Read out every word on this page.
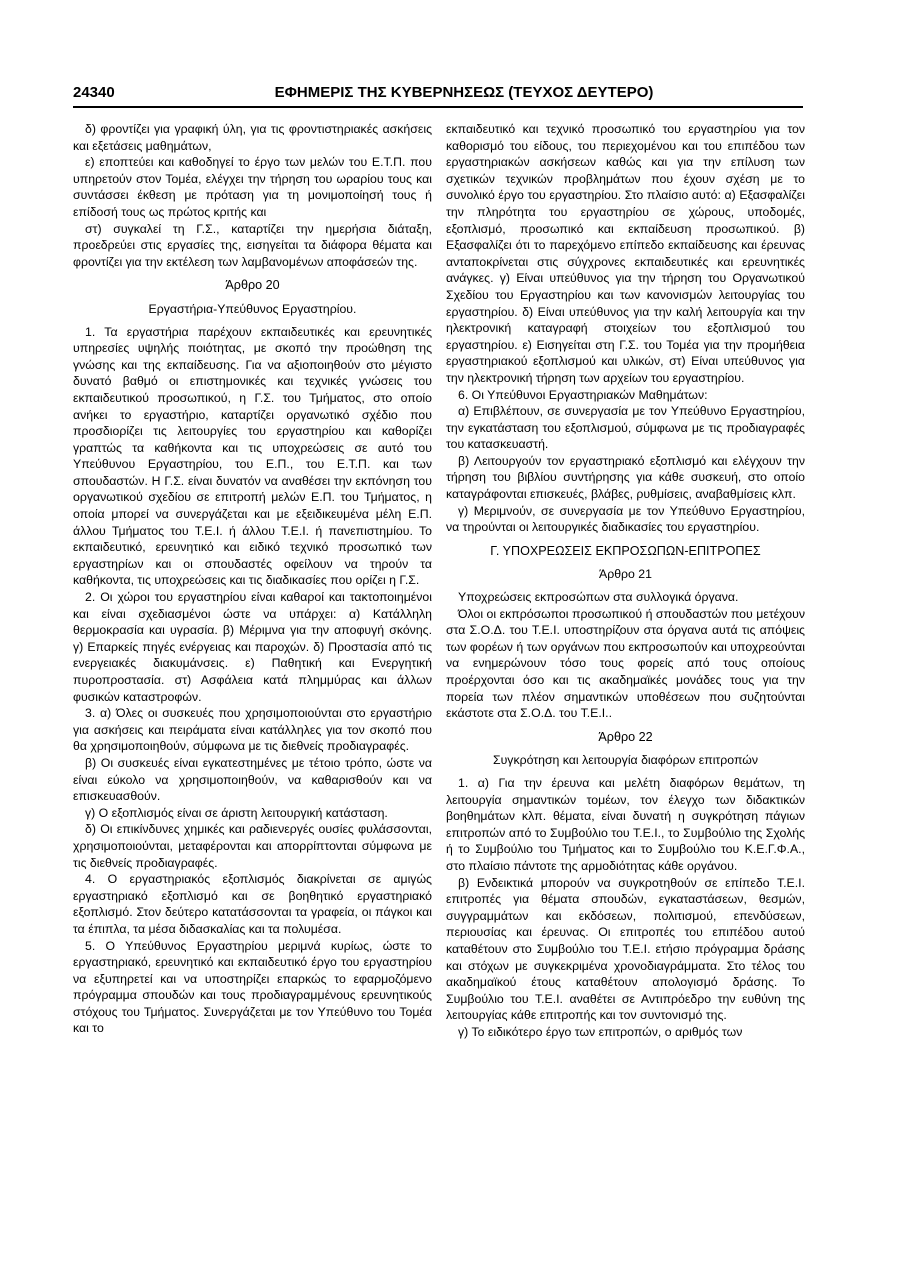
24340	ΕΦΗΜΕΡΙΣ ΤΗΣ ΚΥΒΕΡΝΗΣΕΩΣ (ΤΕΥΧΟΣ ΔΕΥΤΕΡΟ)

δ) φροντίζει για γραφική ύλη, για τις φροντιστηριακές ασκήσεις και εξετάσεις μαθημάτων,

ε) εποπτεύει και καθοδηγεί το έργο των μελών του Ε.Τ.Π. που υπηρετούν στον Τομέα, ελέγχει την τήρηση του ωραρίου τους και συντάσσει έκθεση με πρόταση για τη μονιμοποίησή τους ή επίδοσή τους ως πρώτος κριτής και

στ) συγκαλεί τη Γ.Σ., καταρτίζει την ημερήσια διάταξη, προεδρεύει στις εργασίες της, εισηγείται τα διάφορα θέματα και φροντίζει για την εκτέλεση των λαμβανομένων αποφάσεών της.

Άρθρο 20
Εργαστήρια-Υπεύθυνος Εργαστηρίου.

1. Τα εργαστήρια παρέχουν εκπαιδευτικές και ερευνητικές υπηρεσίες υψηλής ποιότητας, με σκοπό την προώθηση της γνώσης και της εκπαίδευσης. Για να αξιοποιηθούν στο μέγιστο δυνατό βαθμό οι επιστημονικές και τεχνικές γνώσεις του εκπαιδευτικού προσωπικού, η Γ.Σ. του Τμήματος, στο οποίο ανήκει το εργαστήριο, καταρτίζει οργανωτικό σχέδιο που προσδιορίζει τις λειτουργίες του εργαστηρίου και καθορίζει γραπτώς τα καθήκοντα και τις υποχρεώσεις σε αυτό του Υπεύθυνου Εργαστηρίου, του Ε.Π., του Ε.Τ.Π. και των σπουδαστών. Η Γ.Σ. είναι δυνατόν να αναθέσει την εκπόνηση του οργανωτικού σχεδίου σε επιτροπή μελών Ε.Π. του Τμήματος, η οποία μπορεί να συνεργάζεται και με εξειδικευμένα μέλη Ε.Π. άλλου Τμήματος του Τ.Ε.Ι. ή άλλου Τ.Ε.Ι. ή πανεπιστημίου. Το εκπαιδευτικό, ερευνητικό και ειδικό τεχνικό προσωπικό των εργαστηρίων και οι σπουδαστές οφείλουν να τηρούν τα καθήκοντα, τις υποχρεώσεις και τις διαδικασίες που ορίζει η Γ.Σ.

2. Οι χώροι του εργαστηρίου είναι καθαροί και τακτοποιημένοι και είναι σχεδιασμένοι ώστε να υπάρχει: α) Κατάλληλη θερμοκρασία και υγρασία. β) Μέριμνα για την αποφυγή σκόνης. γ) Επαρκείς πηγές ενέργειας και παροχών. δ) Προστασία από τις ενεργειακές διακυμάνσεις. ε) Παθητική και Ενεργητική πυροπροστασία. στ) Ασφάλεια κατά πλημμύρας και άλλων φυσικών καταστροφών.

3. α) Όλες οι συσκευές που χρησιμοποιούνται στο εργαστήριο για ασκήσεις και πειράματα είναι κατάλληλες για τον σκοπό που θα χρησιμοποιηθούν, σύμφωνα με τις διεθνείς προδιαγραφές.

β) Οι συσκευές είναι εγκατεστημένες με τέτοιο τρόπο, ώστε να είναι εύκολο να χρησιμοποιηθούν, να καθαρισθούν και να επισκευασθούν.

γ) Ο εξοπλισμός είναι σε άριστη λειτουργική κατάσταση.

δ) Οι επικίνδυνες χημικές και ραδιενεργές ουσίες φυλάσσονται, χρησιμοποιούνται, μεταφέρονται και απορρίπτονται σύμφωνα με τις διεθνείς προδιαγραφές.

4. Ο εργαστηριακός εξοπλισμός διακρίνεται σε αμιγώς εργαστηριακό εξοπλισμό και σε βοηθητικό εργαστηριακό εξοπλισμό. Στον δεύτερο κατατάσσονται τα γραφεία, οι πάγκοι και τα έπιπλα, τα μέσα διδασκαλίας και τα πολυμέσα.

5. Ο Υπεύθυνος Εργαστηρίου μεριμνά κυρίως, ώστε το εργαστηριακό, ερευνητικό και εκπαιδευτικό έργο του εργαστηρίου να εξυπηρετεί και να υποστηρίζει επαρκώς το εφαρμοζόμενο πρόγραμμα σπουδών και τους προδιαγραμμένους ερευνητικούς στόχους του Τμήματος. Συνεργάζεται με τον Υπεύθυνο του Τομέα και το

εκπαιδευτικό και τεχνικό προσωπικό του εργαστηρίου για τον καθορισμό του είδους, του περιεχομένου και του επιπέδου των εργαστηριακών ασκήσεων καθώς και για την επίλυση των σχετικών τεχνικών προβλημάτων που έχουν σχέση με το συνολικό έργο του εργαστηρίου. Στο πλαίσιο αυτό: α) Εξασφαλίζει την πληρότητα του εργαστηρίου σε χώρους, υποδομές, εξοπλισμό, προσωπικό και εκπαίδευση προσωπικού. β) Εξασφαλίζει ότι το παρεχόμενο επίπεδο εκπαίδευσης και έρευνας ανταποκρίνεται στις σύγχρονες εκπαιδευτικές και ερευνητικές ανάγκες. γ) Είναι υπεύθυνος για την τήρηση του Οργανωτικού Σχεδίου του Εργαστηρίου και των κανονισμών λειτουργίας του εργαστηρίου. δ) Είναι υπεύθυνος για την καλή λειτουργία και την ηλεκτρονική καταγραφή στοιχείων του εξοπλισμού του εργαστηρίου. ε) Εισηγείται στη Γ.Σ. του Τομέα για την προμήθεια εργαστηριακού εξοπλισμού και υλικών, στ) Είναι υπεύθυνος για την ηλεκτρονική τήρηση των αρχείων του εργαστηρίου.

6. Οι Υπεύθυνοι Εργαστηριακών Μαθημάτων:

α) Επιβλέπουν, σε συνεργασία με τον Υπεύθυνο Εργαστηρίου, την εγκατάσταση του εξοπλισμού, σύμφωνα με τις προδιαγραφές του κατασκευαστή.

β) Λειτουργούν τον εργαστηριακό εξοπλισμό και ελέγχουν την τήρηση του βιβλίου συντήρησης για κάθε συσκευή, στο οποίο καταγράφονται επισκευές, βλάβες, ρυθμίσεις, αναβαθμίσεις κλπ.

γ) Μεριμνούν, σε συνεργασία με τον Υπεύθυνο Εργαστηρίου, να τηρούνται οι λειτουργικές διαδικασίες του εργαστηρίου.

Γ. ΥΠΟΧΡΕΩΣΕΙΣ ΕΚΠΡΟΣΩΠΩΝ-ΕΠΙΤΡΟΠΕΣ
Άρθρο 21

Υποχρεώσεις εκπροσώπων στα συλλογικά όργανα.

Όλοι οι εκπρόσωποι προσωπικού ή σπουδαστών που μετέχουν στα Σ.Ο.Δ. του Τ.Ε.Ι. υποστηρίζουν στα όργανα αυτά τις απόψεις των φορέων ή των οργάνων που εκπροσωπούν και υποχρεούνται να ενημερώνουν τόσο τους φορείς από τους οποίους προέρχονται όσο και τις ακαδημαϊκές μονάδες τους για την πορεία των πλέον σημαντικών υποθέσεων που συζητούνται εκάστοτε στα Σ.Ο.Δ. του Τ.Ε.Ι..

Άρθρο 22
Συγκρότηση και λειτουργία διαφόρων επιτροπών

1. α) Για την έρευνα και μελέτη διαφόρων θεμάτων, τη λειτουργία σημαντικών τομέων, τον έλεγχο των διδακτικών βοηθημάτων κλπ. θέματα, είναι δυνατή η συγκρότηση πάγιων επιτροπών από το Συμβούλιο του Τ.Ε.Ι., το Συμβούλιο της Σχολής ή το Συμβούλιο του Τμήματος και το Συμβούλιο του Κ.Ε.Γ.Φ.Α., στο πλαίσιο πάντοτε της αρμοδιότητας κάθε οργάνου.

β) Ενδεικτικά μπορούν να συγκροτηθούν σε επίπεδο Τ.Ε.Ι. επιτροπές για θέματα σπουδών, εγκαταστάσεων, θεσμών, συγγραμμάτων και εκδόσεων, πολιτισμού, επενδύσεων, περιουσίας και έρευνας. Οι επιτροπές του επιπέδου αυτού καταθέτουν στο Συμβούλιο του Τ.Ε.Ι. ετήσιο πρόγραμμα δράσης και στόχων με συγκεκριμένα χρονοδιαγράμματα. Στο τέλος του ακαδημαϊκού έτους καταθέτουν απολογισμό δράσης. Το Συμβούλιο του Τ.Ε.Ι. αναθέτει σε Αντιπρόεδρο την ευθύνη της λειτουργίας κάθε επιτροπής και τον συντονισμό της.

γ) Το ειδικότερο έργο των επιτροπών, ο αριθμός των
